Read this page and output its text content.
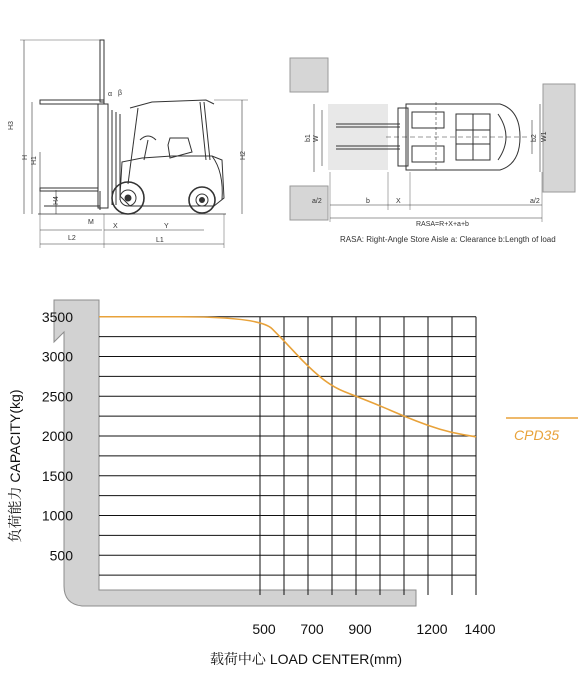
H3
H H1
H2
H4
M
L2
X	Y
L1
β
α
W
b1
b	X
b2 W1
a/2	a/2
RASA=R+X+a+b
RASA: Right-Angle Store Aisle a: Clearance b:Length of load
500
1000
1500
2000
2500
3000
3500
500 700 900	1200 1400
CPD35
负荷能力 CAPACITY(kg)
载荷中心 LOAD CENTER(mm)
